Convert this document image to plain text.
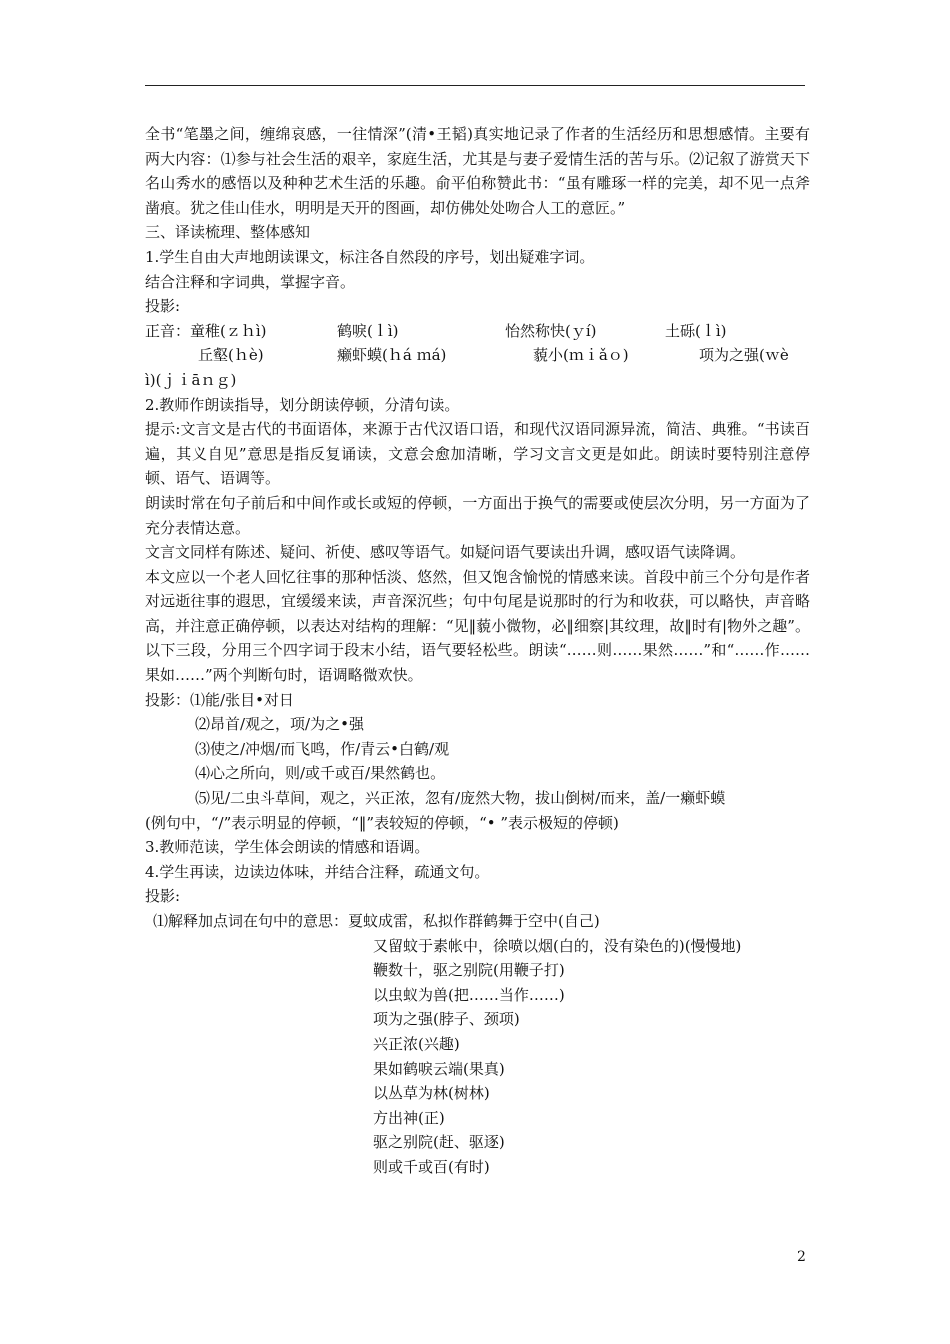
全书“笔墨之间，缠绵哀感，一往情深”(清•王韬)真实地记录了作者的生活经历和思想感情。主要有两大内容：⑴参与社会生活的艰辛，家庭生活，尤其是与妻子爱情生活的苦与乐。⑵记叙了游赏天下名山秀水的感悟以及种种艺术生活的乐趣。俞平伯称赞此书：“虽有雕琢一样的完美，却不见一点斧凿痕。犹之佳山佳水，明明是天开的图画，却仿佛处处吻合人工的意匠。”
三、译读梳理、整体感知
1.学生自由大声地朗读课文，标注各自然段的序号，划出疑难字词。
结合注释和字词典，掌握字音。
投影:
正音：童稚(ｚｈì)	鹤唳(ｌì)	怡然称快(ｙí)	土砾(ｌì)
丘壑(ｈè)	癞虾蟆(ｈá ｍá)	藐小(ｍｉǎｏ)	项为之强(ｗè
ì)(ｊｉāｎｇ)
2.教师作朗读指导，划分朗读停顿，分清句读。
提示:文言文是古代的书面语体，来源于古代汉语口语，和现代汉语同源异流，简洁、典雅。“书读百遍，其义自见”意思是指反复诵读，文意会愈加清晰，学习文言文更是如此。朗读时要特别注意停顿、语气、语调等。
朗读时常在句子前后和中间作或长或短的停顿，一方面出于换气的需要或使层次分明，另一方面为了充分表情达意。
文言文同样有陈述、疑问、祈使、感叹等语气。如疑问语气要读出升调，感叹语气读降调。
本文应以一个老人回忆往事的那种恬淡、悠然，但又饱含愉悦的情感来读。首段中前三个分句是作者对远逝往事的遐思，宜缓缓来读，声音深沉些；句中句尾是说那时的行为和收获，可以略快，声音略高，并注意正确停顿，以表达对结构的理解：“见‖藐小微物，必‖细察|其纹理，故‖时有|物外之趣”。以下三段，分用三个四字词于段末小结，语气要轻松些。朗读“……则……果然……”和“……作……果如……”两个判断句时，语调略微欢快。
投影：⑴能/张目•对日
⑵昂首/观之，项/为之•强
⑶使之/冲烟/而飞鸣，作/青云•白鹤/观
⑷心之所向，则/或千或百/果然鹤也。
⑸见/二虫斗草间，观之，兴正浓，忽有/庞然大物，拔山倒树/而来，盖/一癞虾蟆
(例句中，“/”表示明显的停顿，“‖”表较短的停顿，“• ”表示极短的停顿)
3.教师范读，学生体会朗读的情感和语调。
4.学生再读，边读边体味，并结合注释，疏通文句。
投影:
⑴解释加点词在句中的意思：夏蚊成雷，私拟作群鹤舞于空中(自己)
又留蚊于素帐中，徐喷以烟(白的，没有染色的)(慢慢地)
鞭数十，驱之别院(用鞭子打)
以虫蚁为兽(把……当作……)
项为之强(脖子、颈项)
兴正浓(兴趣)
果如鹤唳云端(果真)
以丛草为林(树林)
方出神(正)
驱之别院(赶、驱逐)
则或千或百(有时)
2
